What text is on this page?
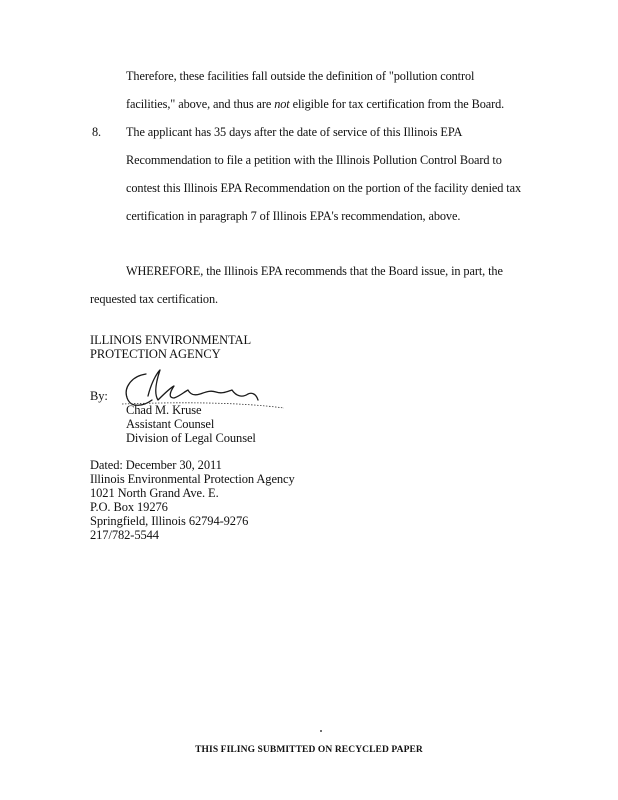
Therefore, these facilities fall outside the definition of "pollution control
facilities," above, and thus are not eligible for tax certification from the Board.
8. The applicant has 35 days after the date of service of this Illinois EPA
Recommendation to file a petition with the Illinois Pollution Control Board to
contest this Illinois EPA Recommendation on the portion of the facility denied tax
certification in paragraph 7 of Illinois EPA's recommendation, above.
WHEREFORE, the Illinois EPA recommends that the Board issue, in part, the
requested tax certification.
ILLINOIS ENVIRONMENTAL
PROTECTION AGENCY
By:
Chad M. Kruse
Assistant Counsel
Division of Legal Counsel
Dated: December 30, 2011
Illinois Environmental Protection Agency
1021 North Grand Ave. E.
P.O. Box 19276
Springfield, Illinois 62794-9276
217/782-5544
THIS FILING SUBMITTED ON RECYCLED PAPER
